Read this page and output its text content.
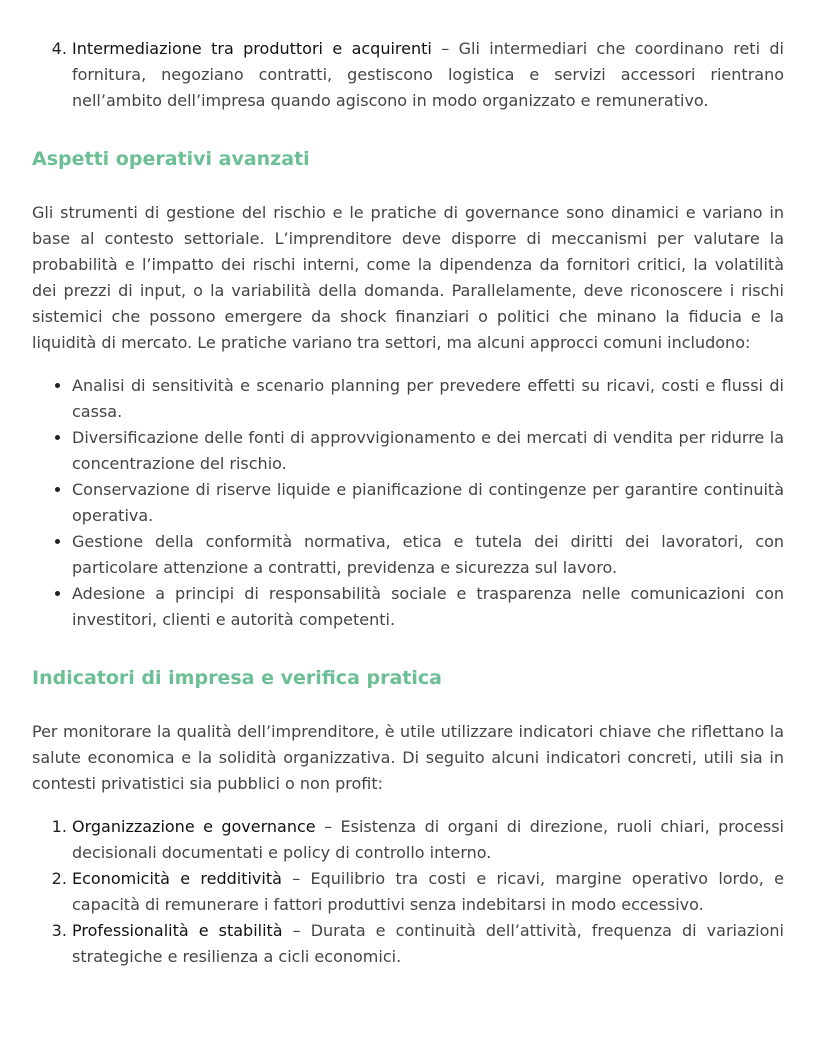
4. Intermediazione tra produttori e acquirenti – Gli intermediari che coordinano reti di fornitura, negoziano contratti, gestiscono logistica e servizi accessori rientrano nell’ambito dell’impresa quando agiscono in modo organizzato e remunerativo.
Aspetti operativi avanzati

Gli strumenti di gestione del rischio e le pratiche di governance sono dinamici e variano in base al contesto settoriale. L’imprenditore deve disporre di meccanismi per valutare la probabilità e l’impatto dei rischi interni, come la dipendenza da fornitori critici, la volatilità dei prezzi di input, o la variabilità della domanda. Parallelamente, deve riconoscere i rischi sistemici che possono emergere da shock finanziari o politici che minano la fiducia e la liquidità di mercato. Le pratiche variano tra settori, ma alcuni approcci comuni includono:

• Analisi di sensitività e scenario planning per prevedere effetti su ricavi, costi e flussi di cassa.
• Diversificazione delle fonti di approvvigionamento e dei mercati di vendita per ridurre la concentrazione del rischio.
• Conservazione di riserve liquide e pianificazione di contingenze per garantire continuità operativa.
• Gestione della conformità normativa, etica e tutela dei diritti dei lavoratori, con particolare attenzione a contratti, previdenza e sicurezza sul lavoro.
• Adesione a principi di responsabilità sociale e trasparenza nelle comunicazioni con investitori, clienti e autorità competenti.
Indicatori di impresa e verifica pratica

Per monitorare la qualità dell’imprenditore, è utile utilizzare indicatori chiave che riflettano la salute economica e la solidità organizzativa. Di seguito alcuni indicatori concreti, utili sia in contesti privatistici sia pubblici o non profit:

1. Organizzazione e governance – Esistenza di organi di direzione, ruoli chiari, processi decisionali documentati e policy di controllo interno.
2. Economicità e redditività – Equilibrio tra costi e ricavi, margine operativo lordo, e capacità di remunerare i fattori produttivi senza indebitarsi in modo eccessivo.
3. Professionalità e stabilità – Durata e continuità dell’attività, frequenza di variazioni strategiche e resilienza a cicli economici.
